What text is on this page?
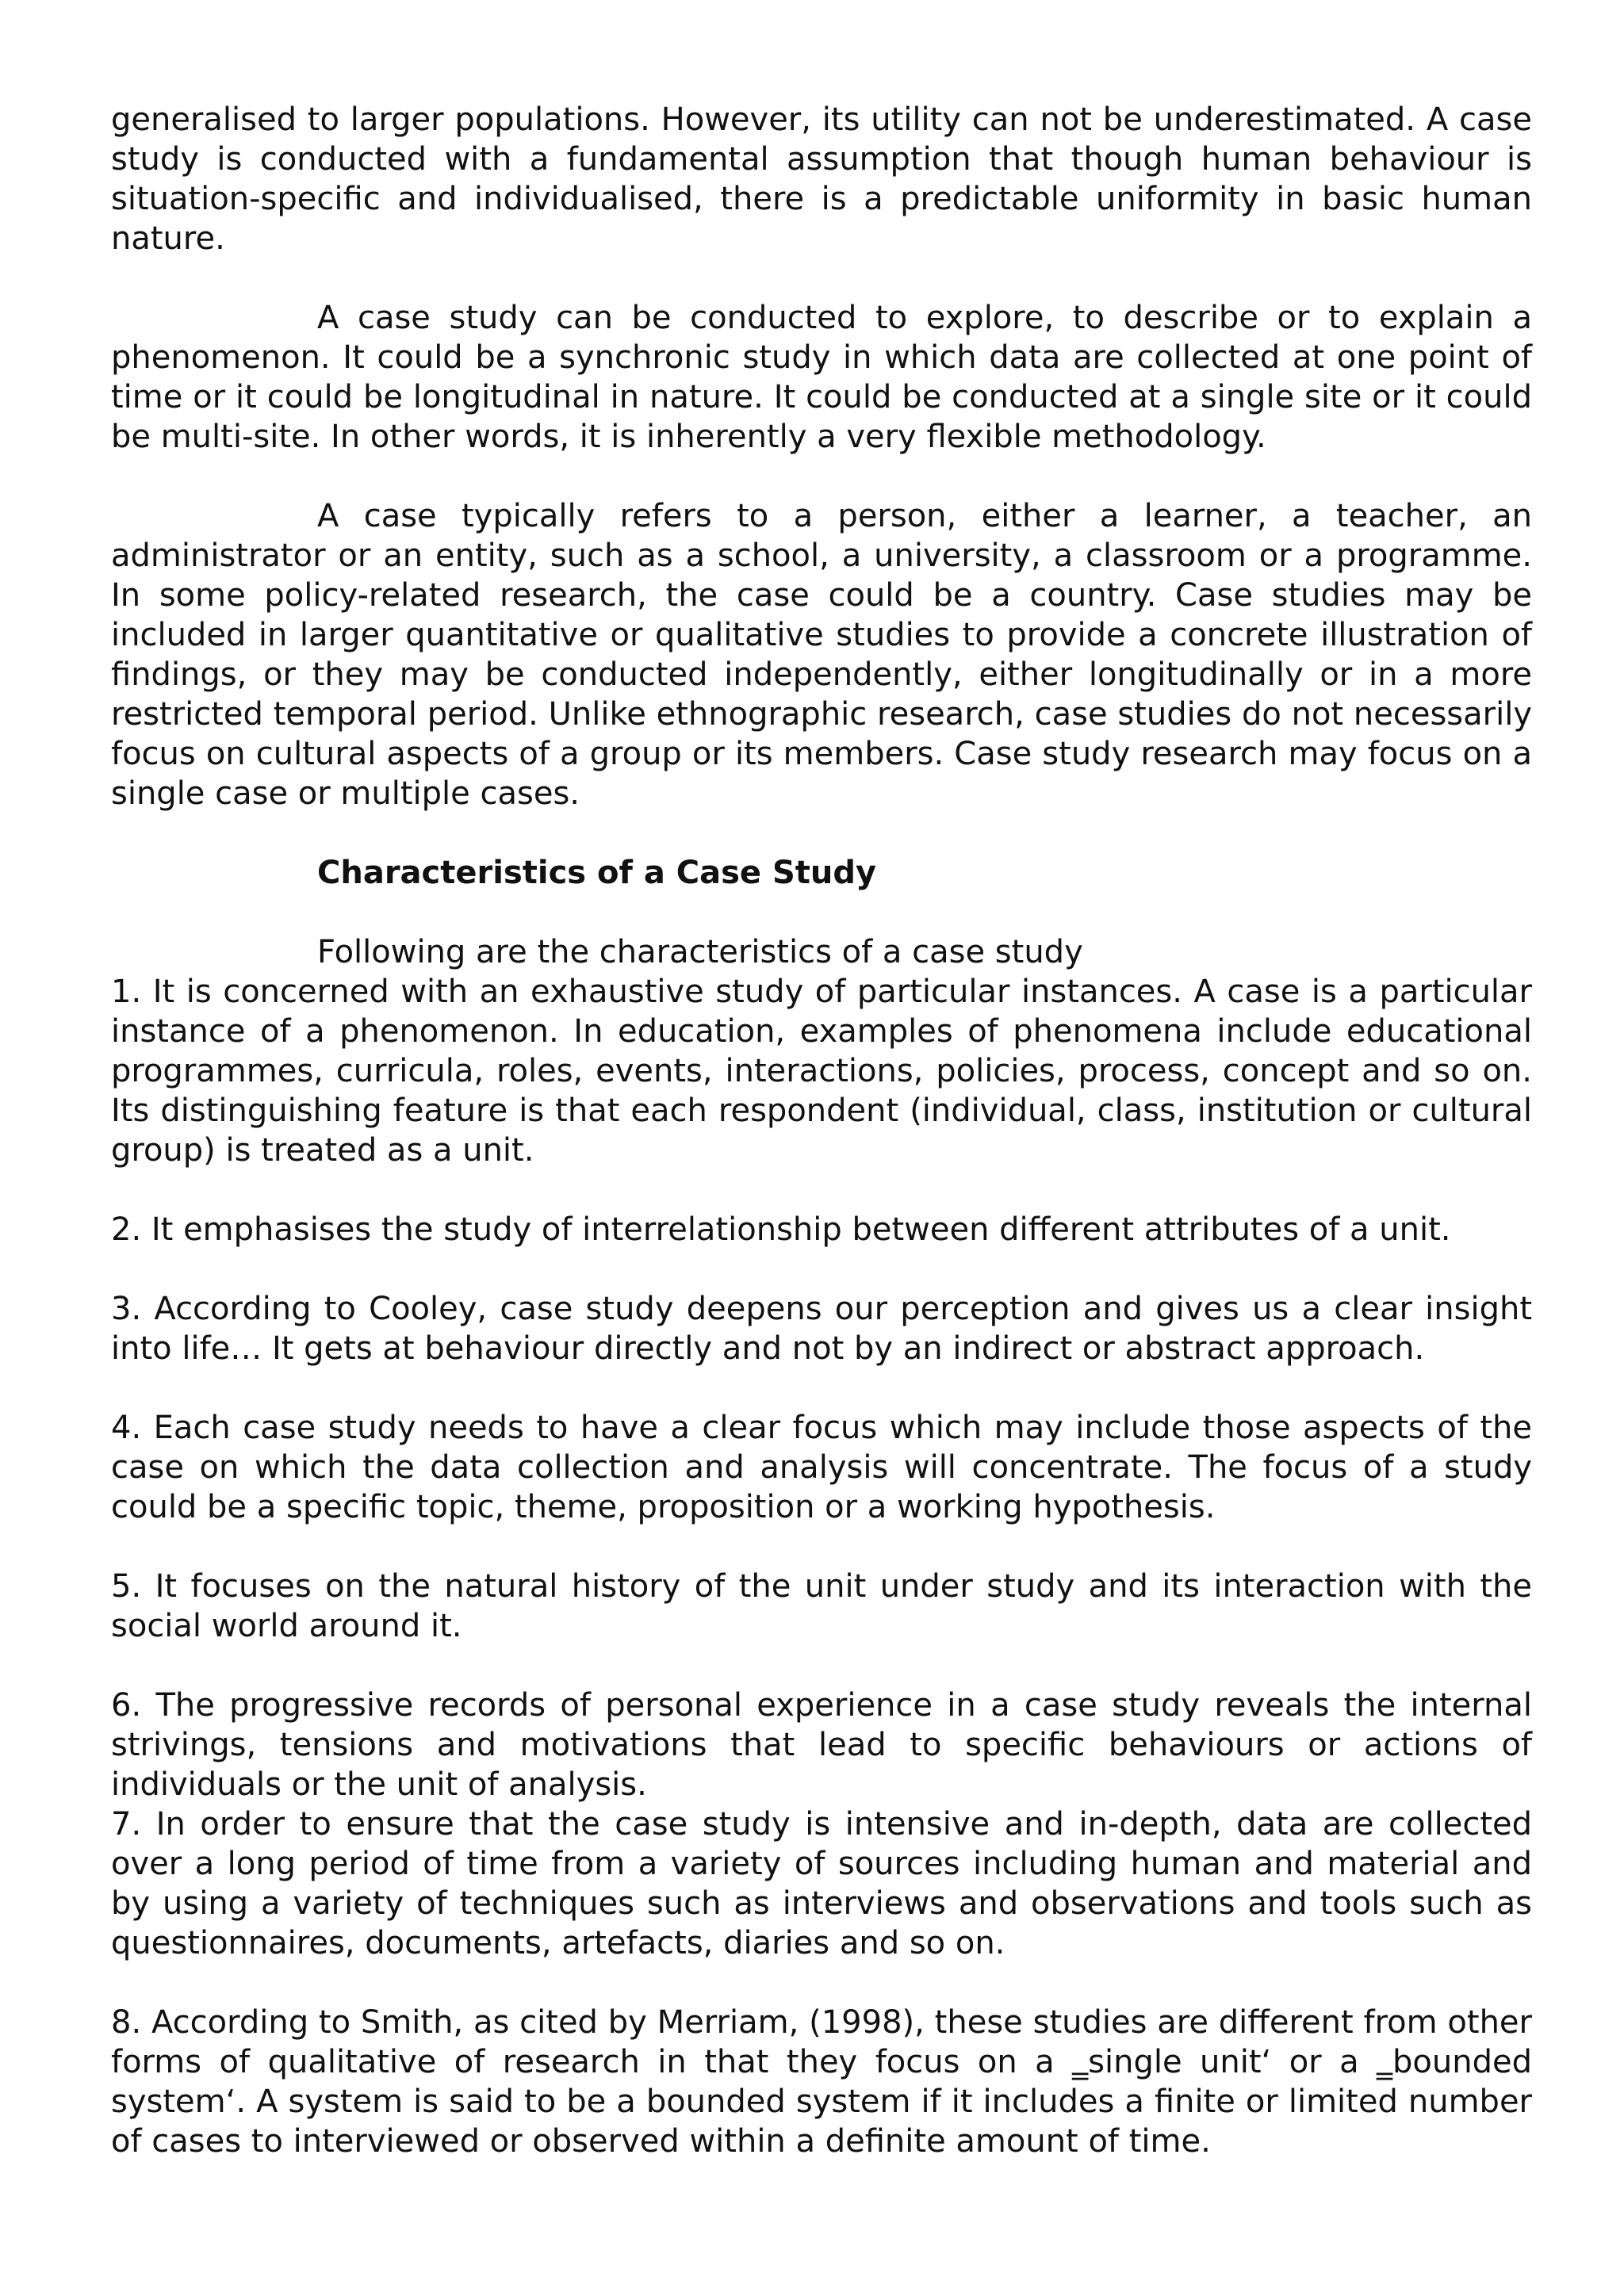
generalised to larger populations. However, its utility can not be underestimated. A case study is conducted with a fundamental assumption that though human behaviour is situation-specific and individualised, there is a predictable uniformity in basic human nature.

A case study can be conducted to explore, to describe or to explain a phenomenon. It could be a synchronic study in which data are collected at one point of time or it could be longitudinal in nature. It could be conducted at a single site or it could be multi-site. In other words, it is inherently a very flexible methodology.

A case typically refers to a person, either a learner, a teacher, an administrator or an entity, such as a school, a university, a classroom or a programme. In some policy-related research, the case could be a country. Case studies may be included in larger quantitative or qualitative studies to provide a concrete illustration of findings, or they may be conducted independently, either longitudinally or in a more restricted temporal period. Unlike ethnographic research, case studies do not necessarily focus on cultural aspects of a group or its members. Case study research may focus on a single case or multiple cases.

Characteristics of a Case Study

Following are the characteristics of a case study

1. It is concerned with an exhaustive study of particular instances. A case is a particular instance of a phenomenon. In education, examples of phenomena include educational programmes, curricula, roles, events, interactions, policies, process, concept and so on. Its distinguishing feature is that each respondent (individual, class, institution or cultural group) is treated as a unit.

2. It emphasises the study of interrelationship between different attributes of a unit.

3. According to Cooley, case study deepens our perception and gives us a clear insight into life… It gets at behaviour directly and not by an indirect or abstract approach.

4. Each case study needs to have a clear focus which may include those aspects of the case on which the data collection and analysis will concentrate. The focus of a study could be a specific topic, theme, proposition or a working hypothesis.

5. It focuses on the natural history of the unit under study and its interaction with the social world around it.

6. The progressive records of personal experience in a case study reveals the internal strivings, tensions and motivations that lead to specific behaviours or actions of individuals or the unit of analysis.

7. In order to ensure that the case study is intensive and in-depth, data are collected over a long period of time from a variety of sources including human and material and by using a variety of techniques such as interviews and observations and tools such as questionnaires, documents, artefacts, diaries and so on.

8. According to Smith, as cited by Merriam, (1998), these studies are different from other forms of qualitative of research in that they focus on a ‗single unit‘ or a ‗bounded system‘. A system is said to be a bounded system if it includes a finite or limited number of cases to interviewed or observed within a definite amount of time.
